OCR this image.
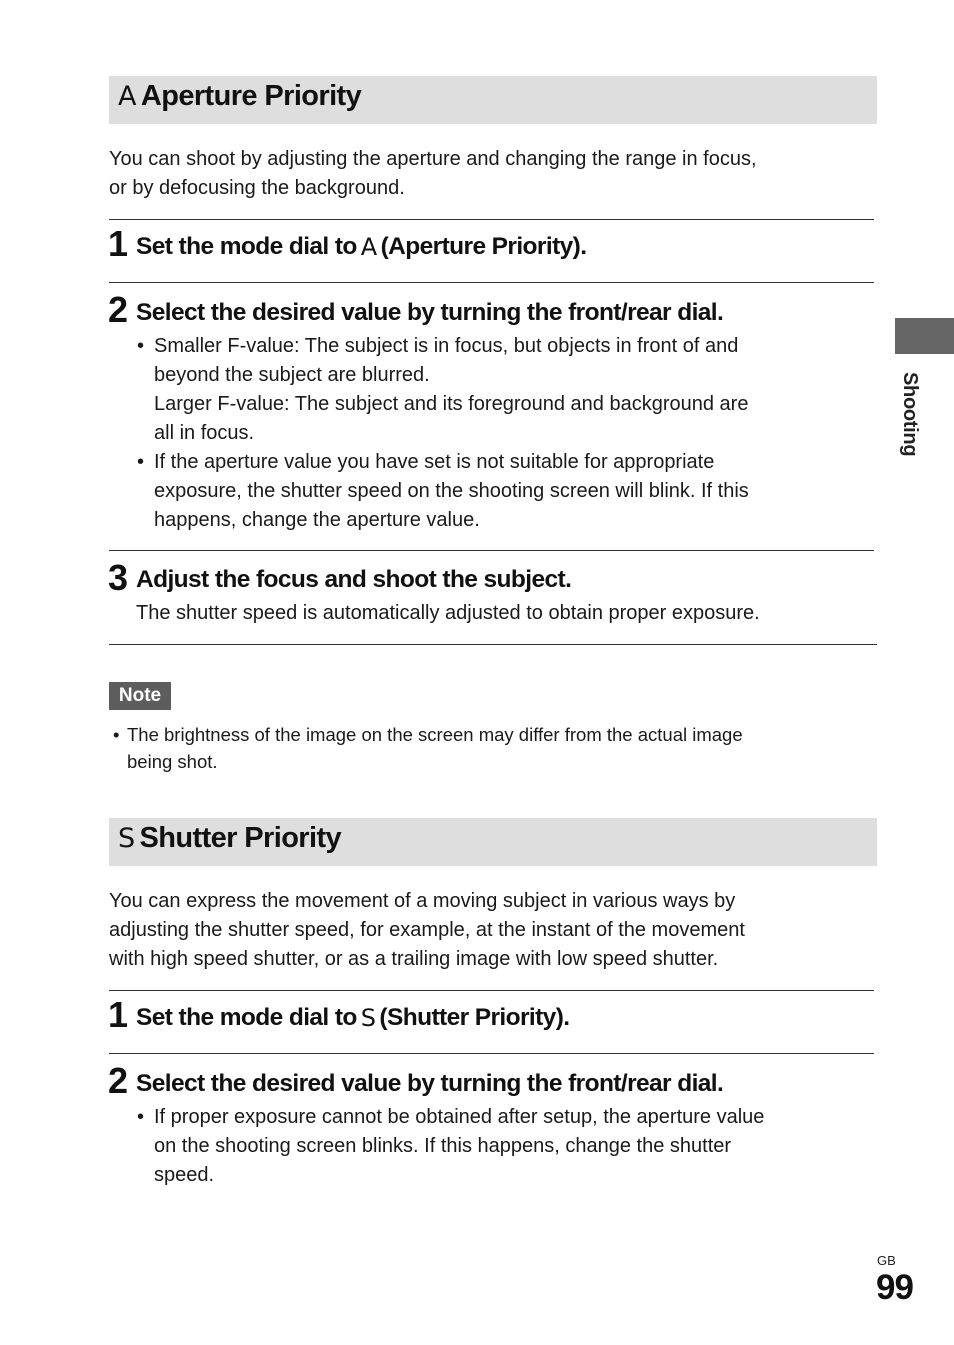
Shooting
A Aperture Priority
You can shoot by adjusting the aperture and changing the range in focus,
or by defocusing the background.
1 Set the mode dial to A (Aperture Priority).
2 Select the desired value by turning the front/rear dial.
• Smaller F-value: The subject is in focus, but objects in front of and
beyond the subject are blurred.
Larger F-value: The subject and its foreground and background are
all in focus.
• If the aperture value you have set is not suitable for appropriate
exposure, the shutter speed on the shooting screen will blink. If this
happens, change the aperture value.
3 Adjust the focus and shoot the subject.
The shutter speed is automatically adjusted to obtain proper exposure.
Note
• The brightness of the image on the screen may differ from the actual image
being shot.
S Shutter Priority
You can express the movement of a moving subject in various ways by
adjusting the shutter speed, for example, at the instant of the movement
with high speed shutter, or as a trailing image with low speed shutter.
1 Set the mode dial to S (Shutter Priority).
2 Select the desired value by turning the front/rear dial.
• If proper exposure cannot be obtained after setup, the aperture value
on the shooting screen blinks. If this happens, change the shutter
speed.
GB
99
